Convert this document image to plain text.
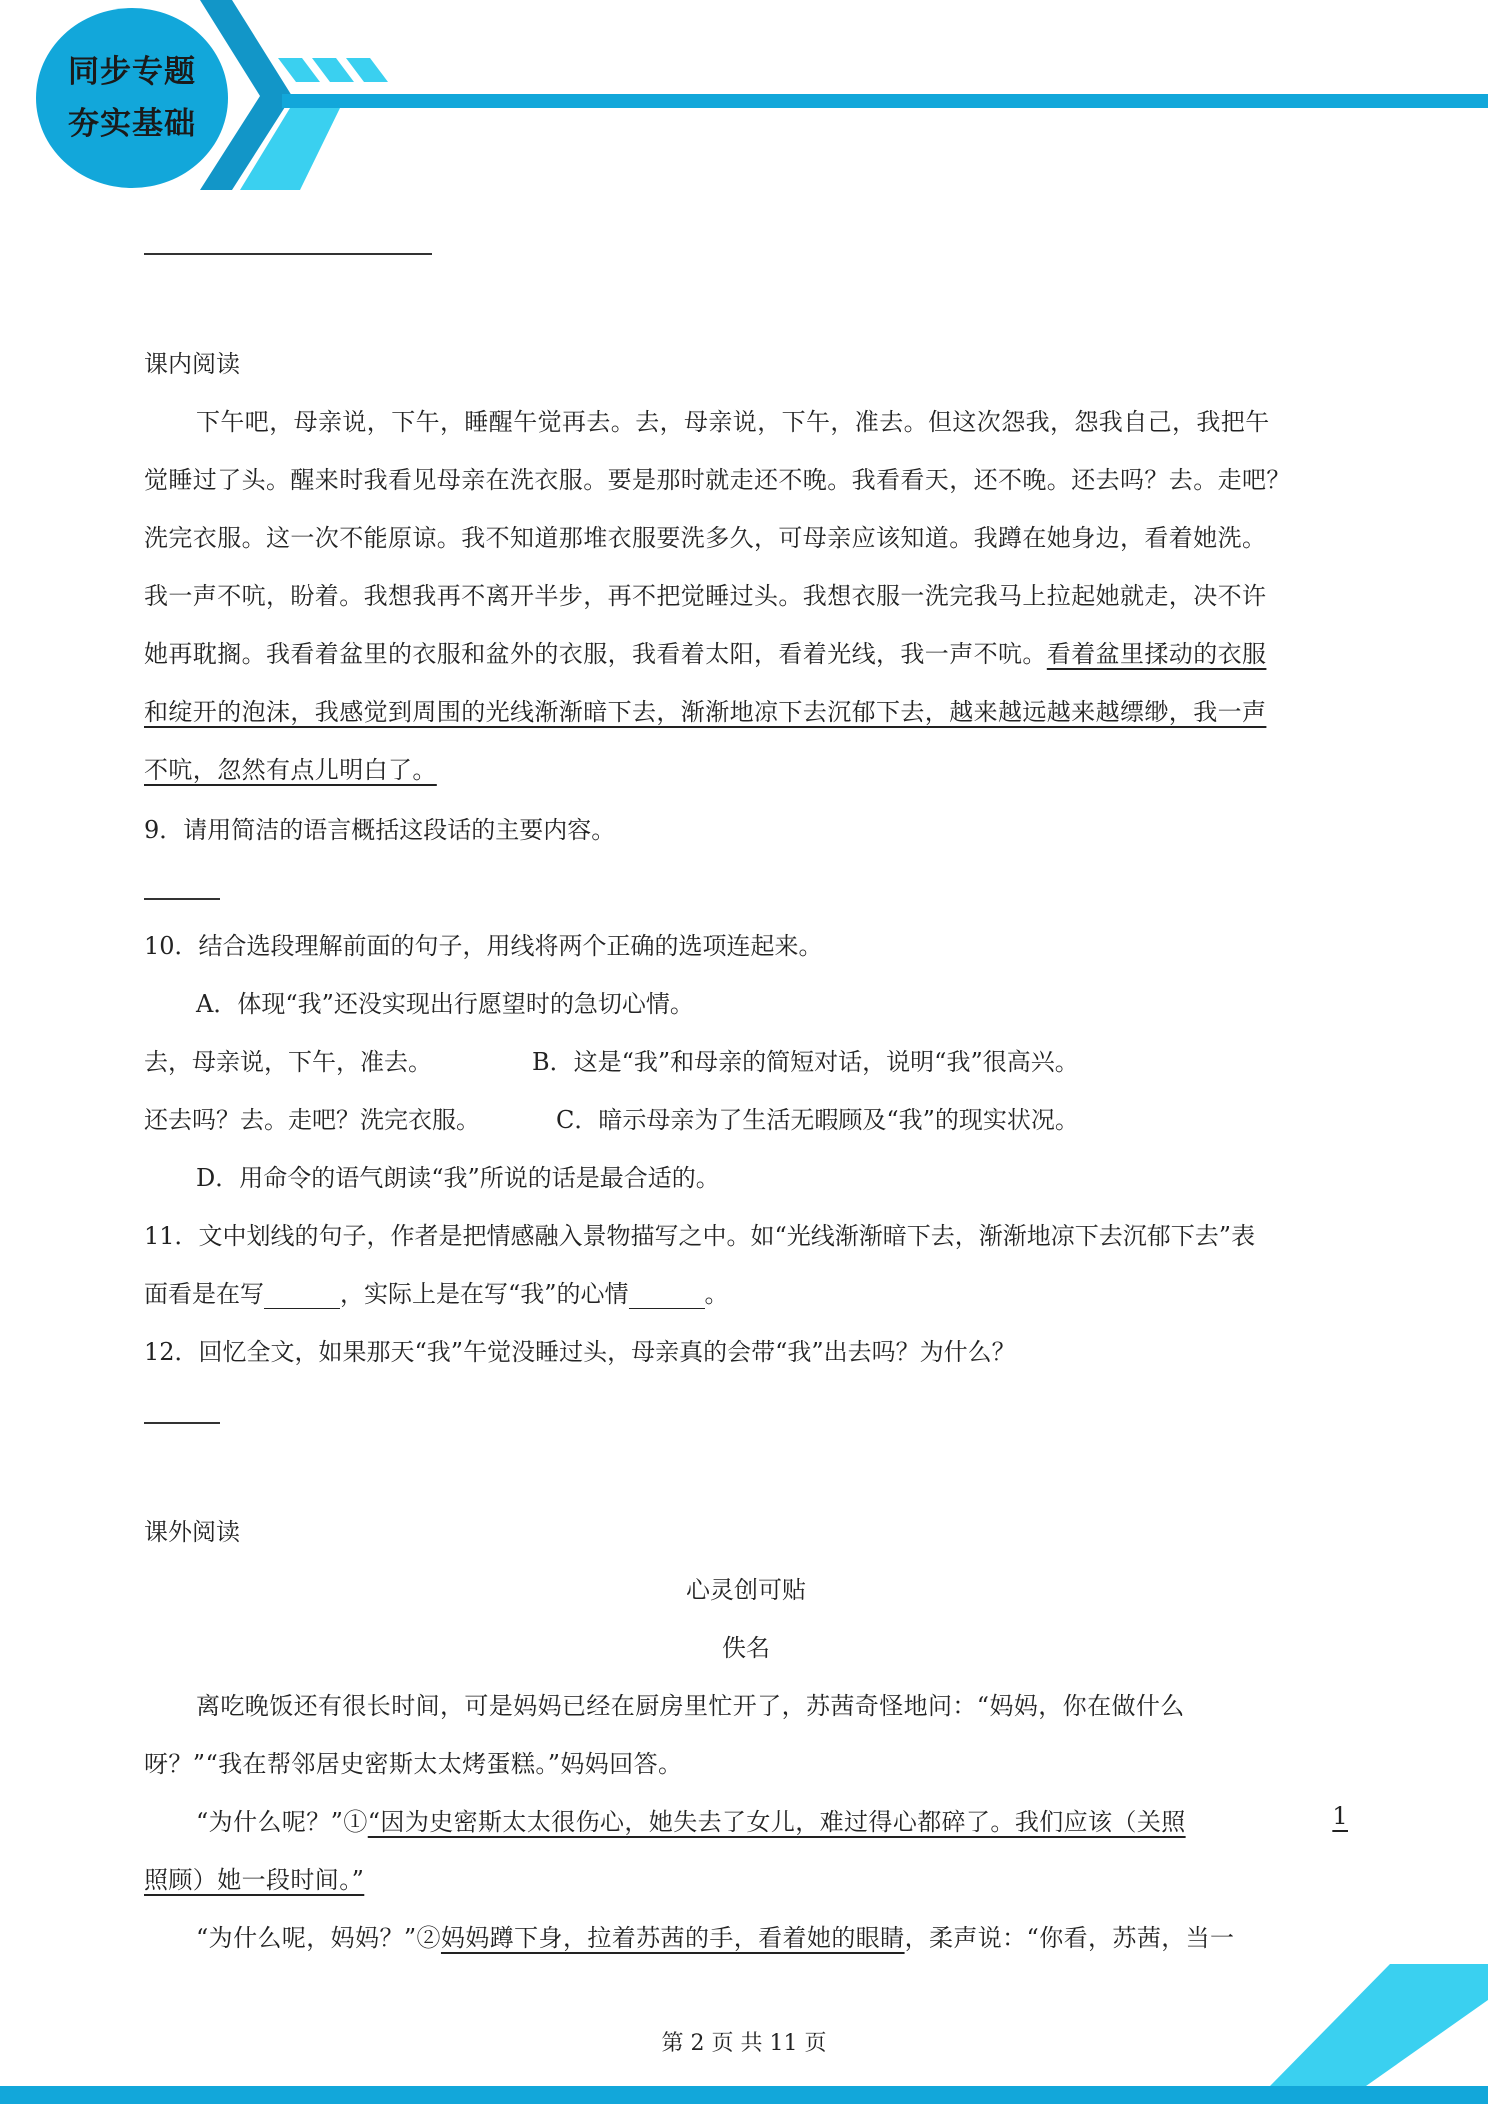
同步专题
夯实基础
课内阅读
下午吧，母亲说，下午，睡醒午觉再去。去，母亲说，下午，准去。但这次怨我，怨我自己，我把午
觉睡过了头。醒来时我看见母亲在洗衣服。要是那时就走还不晚。我看看天，还不晚。还去吗？去。走吧？
洗完衣服。这一次不能原谅。我不知道那堆衣服要洗多久，可母亲应该知道。我蹲在她身边，看着她洗。
我一声不吭，盼着。我想我再不离开半步，再不把觉睡过头。我想衣服一洗完我马上拉起她就走，决不许
她再耽搁。我看着盆里的衣服和盆外的衣服，我看着太阳，看着光线，我一声不吭。看着盆里揉动的衣服
和绽开的泡沫，我感觉到周围的光线渐渐暗下去，渐渐地凉下去沉郁下去，越来越远越来越缥缈，我一声
不吭，忽然有点儿明白了。
9．请用简洁的语言概括这段话的主要内容。
10．结合选段理解前面的句子，用线将两个正确的选项连起来。
A．体现“我”还没实现出行愿望时的急切心情。
去，母亲说，下午，准去。	B．这是“我”和母亲的简短对话，说明“我”很高兴。
还去吗？去。走吧？洗完衣服。	C．暗示母亲为了生活无暇顾及“我”的现实状况。
D．用命令的语气朗读“我”所说的话是最合适的。
11．文中划线的句子，作者是把情感融入景物描写之中。如“光线渐渐暗下去，渐渐地凉下去沉郁下去”表
面看是在写	，实际上是在写“我”的心情	。
12．回忆全文，如果那天“我”午觉没睡过头，母亲真的会带“我”出去吗？为什么？
课外阅读
心灵创可贴
佚名
离吃晚饭还有很长时间，可是妈妈已经在厨房里忙开了，苏茜奇怪地问：“妈妈，你在做什么
呀？”“我在帮邻居史密斯太太烤蛋糕。”妈妈回答。
“为什么呢？”①“因为史密斯太太很伤心，她失去了女儿，难过得心都碎了。我们应该（关照	1
照顾）她一段时间。”
“为什么呢，妈妈？”②妈妈蹲下身，拉着苏茜的手，看着她的眼睛，柔声说：“你看，苏茜，当一
第 2 页 共 11 页
